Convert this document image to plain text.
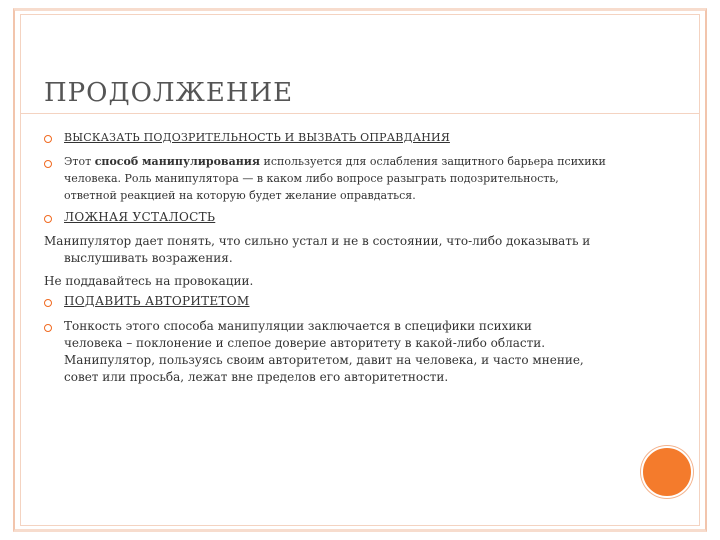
ПРОДОЛЖЕНИЕ

ВЫСКАЗАТЬ ПОДОЗРИТЕЛЬНОСТЬ И ВЫЗВАТЬ ОПРАВДАНИЯ

Этот способ манипулирования используется для ослабления защитного барьера психики
человека. Роль манипулятора — в каком либо вопросе разыграть подозрительность,
ответной реакцией на которую будет желание оправдаться.

ЛОЖНАЯ УСТАЛОСТЬ

Манипулятор дает понять, что сильно устал и не в состоянии, что-либо доказывать и
выслушивать возражения.

Не поддавайтесь на провокации.

ПОДАВИТЬ АВТОРИТЕТОМ

Тонкость этого способа манипуляции заключается в специфики психики
человека – поклонение и слепое доверие авторитету в какой-либо области.
Манипулятор, пользуясь своим авторитетом, давит на человека, и часто мнение,
совет или просьба, лежат вне пределов его авторитетности.
